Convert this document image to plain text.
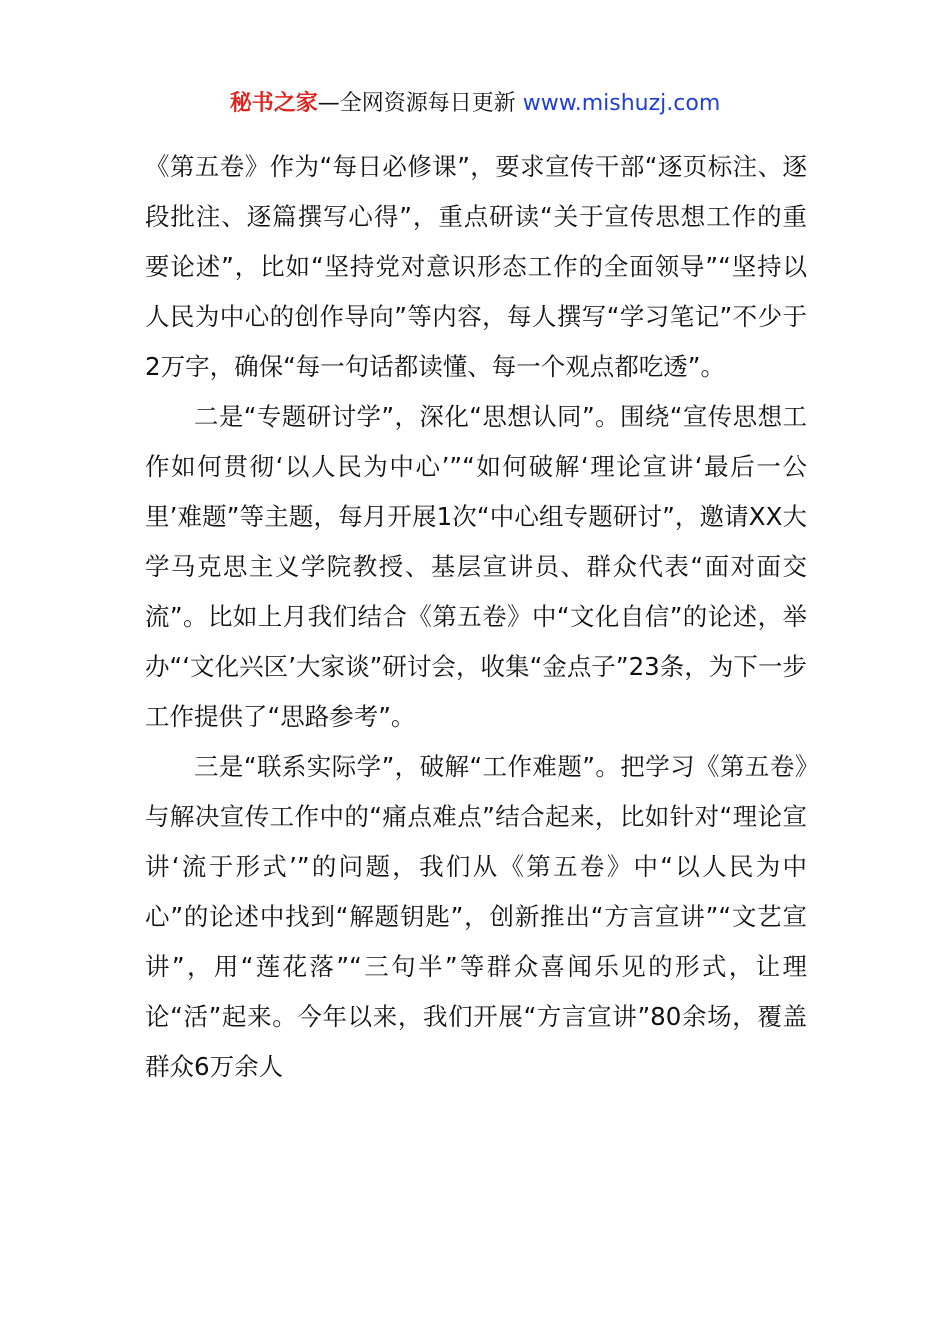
秘书之家—全网资源每日更新 www.mishuzj.com

《第五卷》作为“每日必修课”，要求宣传干部“逐页标注、逐段批注、逐篇撰写心得”，重点研读“关于宣传思想工作的重要论述”，比如“坚持党对意识形态工作的全面领导”“坚持以人民为中心的创作导向”等内容，每人撰写“学习笔记”不少于2万字，确保“每一句话都读懂、每一个观点都吃透”。

二是“专题研讨学”，深化“思想认同”。围绕“宣传思想工作如何贯彻‘以人民为中心’”“如何破解‘理论宣讲‘最后一公里’难题”等主题，每月开展1次“中心组专题研讨”，邀请XX大学马克思主义学院教授、基层宣讲员、群众代表“面对面交流”。比如上月我们结合《第五卷》中“文化自信”的论述，举办“‘文化兴区’大家谈”研讨会，收集“金点子”23条，为下一步工作提供了“思路参考”。

三是“联系实际学”，破解“工作难题”。把学习《第五卷》与解决宣传工作中的“痛点难点”结合起来，比如针对“理论宣讲‘流于形式’”的问题，我们从《第五卷》中“以人民为中心”的论述中找到“解题钥匙”，创新推出“方言宣讲”“文艺宣讲”，用“莲花落”“三句半”等群众喜闻乐见的形式，让理论“活”起来。今年以来，我们开展“方言宣讲”80余场，覆盖群众6万余人
